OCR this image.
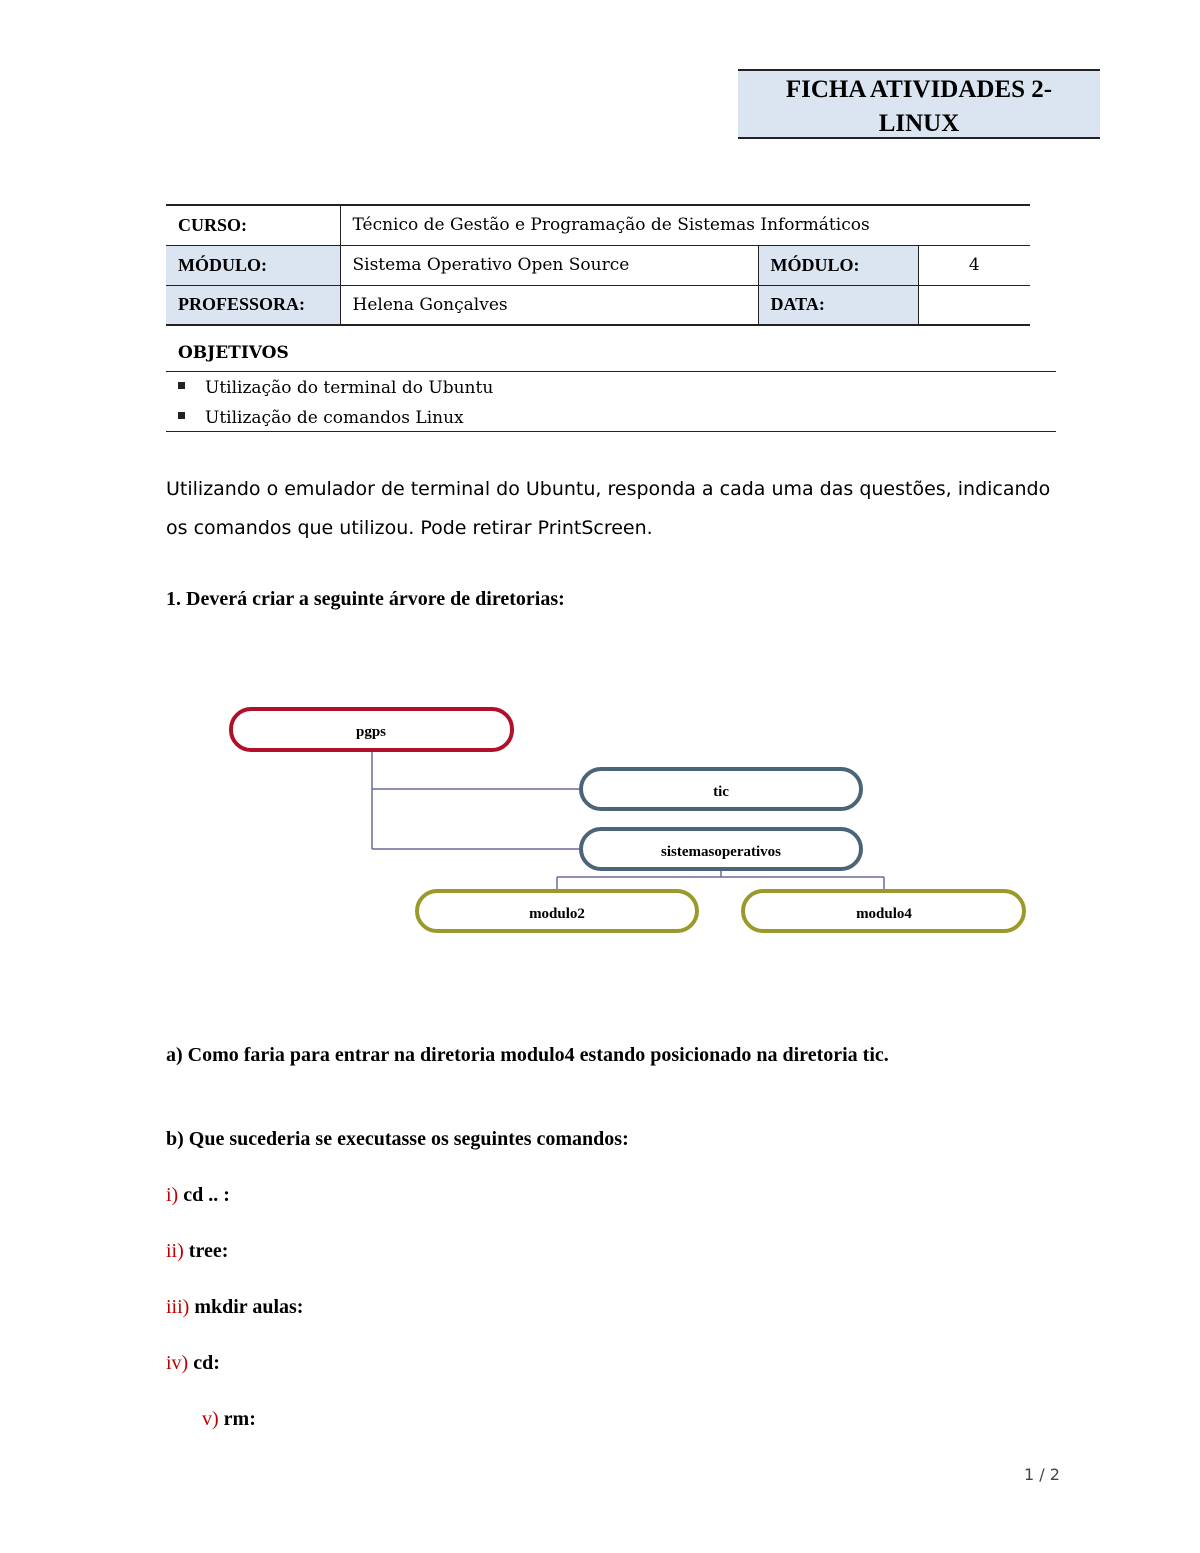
FICHA ATIVIDADES 2-
LINUX
CURSO:	Técnico de Gestão e Programação de Sistemas Informáticos		
MÓDULO:	Sistema Operativo Open Source	MÓDULO:	4
PROFESSORA:	Helena Gonçalves	DATA:	
OBJETIVOS
Utilização do terminal do Ubuntu
Utilização de comandos Linux
Utilizando o emulador de terminal do Ubuntu, responda a cada uma das questões, indicando os comandos que utilizou. Pode retirar PrintScreen.
1. Deverá criar a seguinte árvore de diretorias:
pgps
tic
sistemasoperativos
modulo2	modulo4
a) Como faria para entrar na diretoria modulo4 estando posicionado na diretoria tic.
b) Que sucederia se executasse os seguintes comandos:
i) cd .. :
ii) tree:
iii) mkdir aulas:
iv) cd:
v) rm:
1 / 2
